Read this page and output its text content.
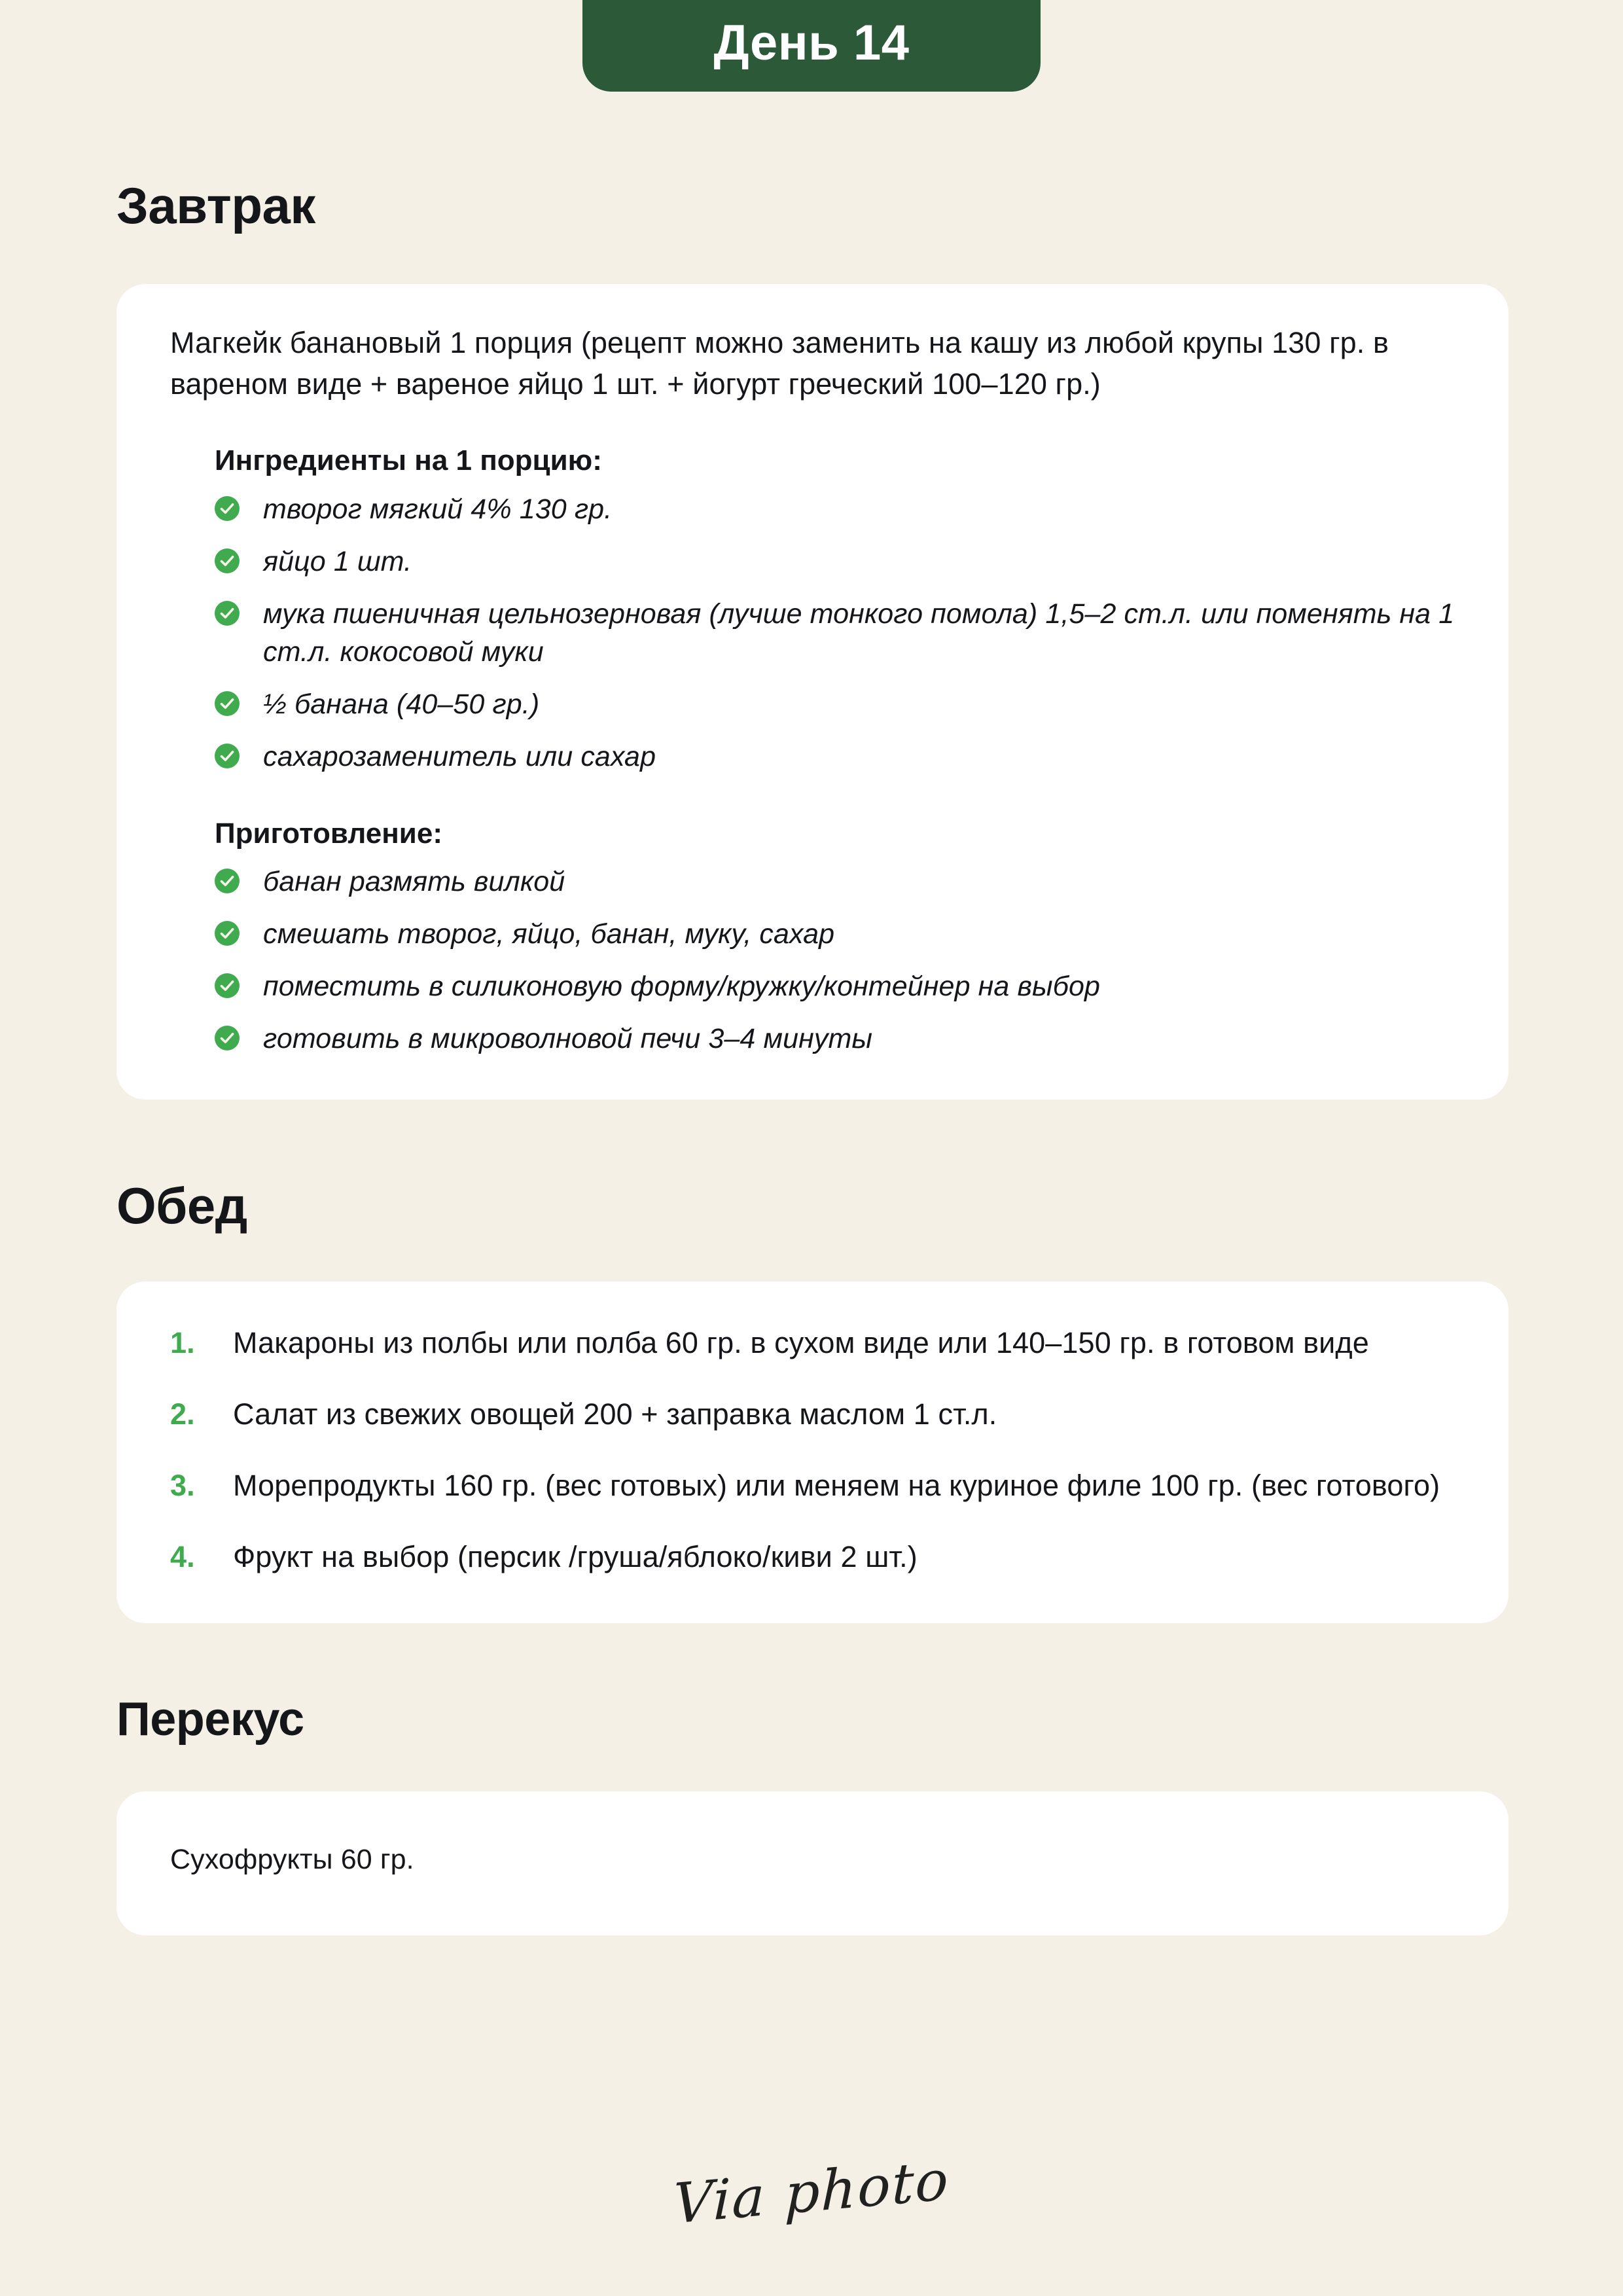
День 14
Завтрак

Магкейк банановый 1 порция (рецепт можно заменить на кашу из любой крупы 130 гр. в вареном виде + вареное яйцо 1 шт. + йогурт греческий 100–120 гр.)

Ингредиенты на 1 порцию:
творог мягкий 4% 130 гр.
яйцо 1 шт.
мука пшеничная цельнозерновая (лучше тонкого помола) 1,5–2 ст.л. или поменять на 1 ст.л. кокосовой муки
½ банана (40–50 гр.)
сахарозаменитель или сахар
Приготовление:
банан размять вилкой
смешать творог, яйцо, банан, муку, сахар
поместить в силиконовую форму/кружку/контейнер на выбор
готовить в микроволновой печи 3–4 минуты
Обед
Макароны из полбы или полба 60 гр. в сухом виде или 140–150 гр. в готовом виде
Салат из свежих овощей 200 + заправка маслом 1 ст.л.
Морепродукты 160 гр. (вес готовых) или меняем на куриное филе 100 гр. (вес готового)
Фрукт на выбор (персик /груша/яблоко/киви 2 шт.)
Перекус

Сухофрукты 60 гр.

Via photo
